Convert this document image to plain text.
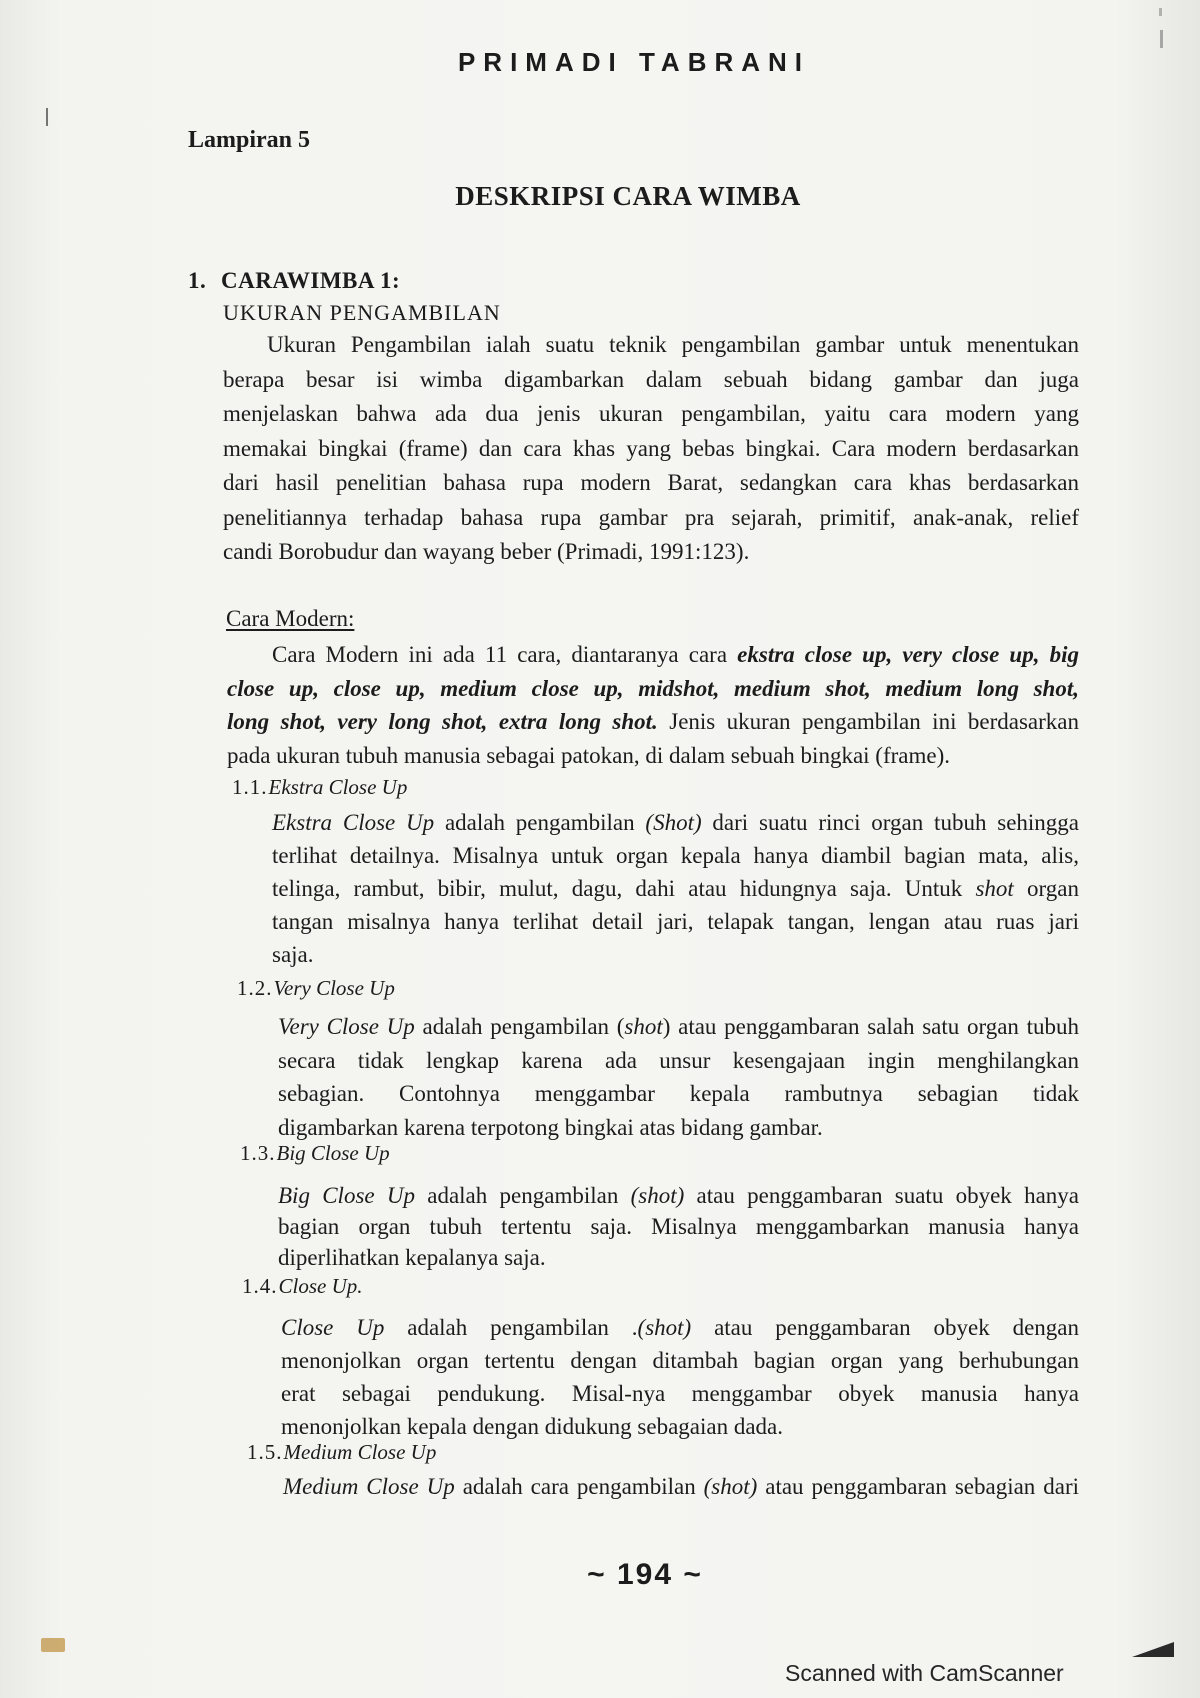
PRIMADI TABRANI
Lampiran 5
DESKRIPSI CARA WIMBA
1. CARAWIMBA 1:
UKURAN PENGAMBILAN
Ukuran Pengambilan ialah suatu teknik pengambilan gambar untuk menentukan
berapa besar isi wimba digambarkan dalam sebuah bidang gambar dan juga
menjelaskan bahwa ada dua jenis ukuran pengambilan, yaitu cara modern yang
memakai bingkai (frame) dan cara khas yang bebas bingkai. Cara modern berdasarkan
dari hasil penelitian bahasa rupa modern Barat, sedangkan cara khas berdasarkan
penelitiannya terhadap bahasa rupa gambar pra sejarah, primitif, anak-anak, relief
candi Borobudur dan wayang beber (Primadi, 1991:123).
Cara Modern:
Cara Modern ini ada 11 cara, diantaranya cara ekstra close up, very close up, big
close up, close up, medium close up, midshot, medium shot, medium long shot,
long shot, very long shot, extra long shot. Jenis ukuran pengambilan ini berdasarkan
pada ukuran tubuh manusia sebagai patokan, di dalam sebuah bingkai (frame).
1.1.Ekstra Close Up
Ekstra Close Up adalah pengambilan (Shot) dari suatu rinci organ tubuh sehingga
terlihat detailnya. Misalnya untuk organ kepala hanya diambil bagian mata, alis,
telinga, rambut, bibir, mulut, dagu, dahi atau hidungnya saja. Untuk shot organ
tangan misalnya hanya terlihat detail jari, telapak tangan, lengan atau ruas jari
saja.
1.2.Very Close Up
Very Close Up adalah pengambilan (shot) atau penggambaran salah satu organ tubuh
secara tidak lengkap karena ada unsur kesengajaan ingin menghilangkan
sebagian. Contohnya menggambar kepala rambutnya sebagian tidak
digambarkan karena terpotong bingkai atas bidang gambar.
1.3.Big Close Up
Big Close Up adalah pengambilan (shot) atau penggambaran suatu obyek hanya
bagian organ tubuh tertentu saja. Misalnya menggambarkan manusia hanya
diperlihatkan kepalanya saja.
1.4.Close Up.
Close Up adalah pengambilan .(shot) atau penggambaran obyek dengan
menonjolkan organ tertentu dengan ditambah bagian organ yang berhubungan
erat sebagai pendukung. Misal-nya menggambar obyek manusia hanya
menonjolkan kepala dengan didukung sebagaian dada.
1.5.Medium Close Up
Medium Close Up adalah cara pengambilan (shot) atau penggambaran sebagian dari
~ 194 ~
Scanned with CamScanner
